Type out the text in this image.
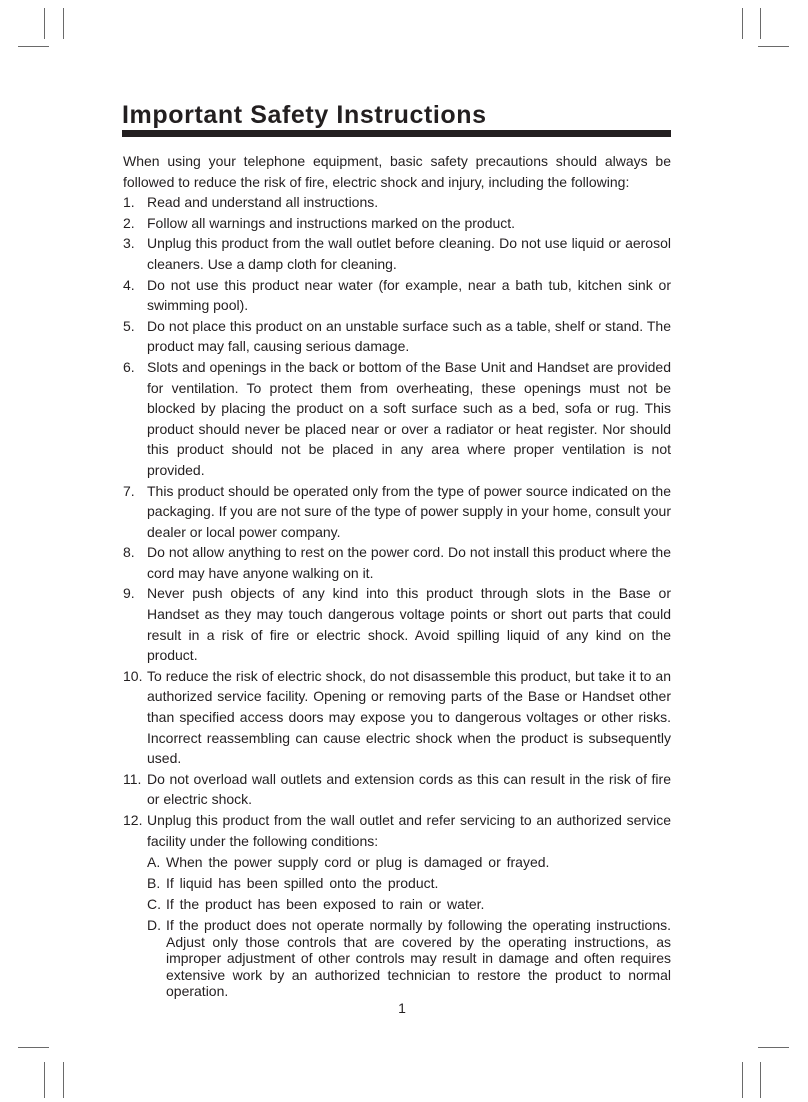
Important Safety Instructions
When using your telephone equipment, basic safety precautions should always be followed to reduce the risk of fire, electric shock and injury, including the following:
1. Read and understand all instructions.
2. Follow all warnings and instructions marked on the product.
3. Unplug this product from the wall outlet before cleaning. Do not use liquid or aerosol cleaners. Use a damp cloth for cleaning.
4. Do not use this product near water (for example, near a bath tub, kitchen sink or swimming pool).
5. Do not place this product on an unstable surface such as a table, shelf or stand. The product may fall, causing serious damage.
6. Slots and openings in the back or bottom of the Base Unit and Handset are provided for ventilation. To protect them from overheating, these openings must not be blocked by placing the product on a soft surface such as a bed, sofa or rug. This product should never be placed near or over a radiator or heat register. Nor should this product should not be placed in any area where proper ventilation is not provided.
7. This product should be operated only from the type of power source indicated on the packaging. If you are not sure of the type of power supply in your home, consult your dealer or local power company.
8. Do not allow anything to rest on the power cord. Do not install this product where the cord may have anyone walking on it.
9. Never push objects of any kind into this product through slots in the Base or Handset as they may touch dangerous voltage points or short out parts that could result in a risk of fire or electric shock. Avoid spilling liquid of any kind on the product.
10. To reduce the risk of electric shock, do not disassemble this product, but take it to an authorized service facility. Opening or removing parts of the Base or Handset other than specified access doors may expose you to dangerous voltages or other risks. Incorrect reassembling can cause electric shock when the product is subsequently used.
11. Do not overload wall outlets and extension cords as this can result in the risk of fire or electric shock.
12. Unplug this product from the wall outlet and refer servicing to an authorized service facility under the following conditions:
A. When the power supply cord or plug is damaged or frayed.
B. If liquid has been spilled onto the product.
C. If the product has been exposed to rain or water.
D. If the product does not operate normally by following the operating instructions. Adjust only those controls that are covered by the operating instructions, as improper adjustment of other controls may result in damage and often requires extensive work by an authorized technician to restore the product to normal operation.
1
